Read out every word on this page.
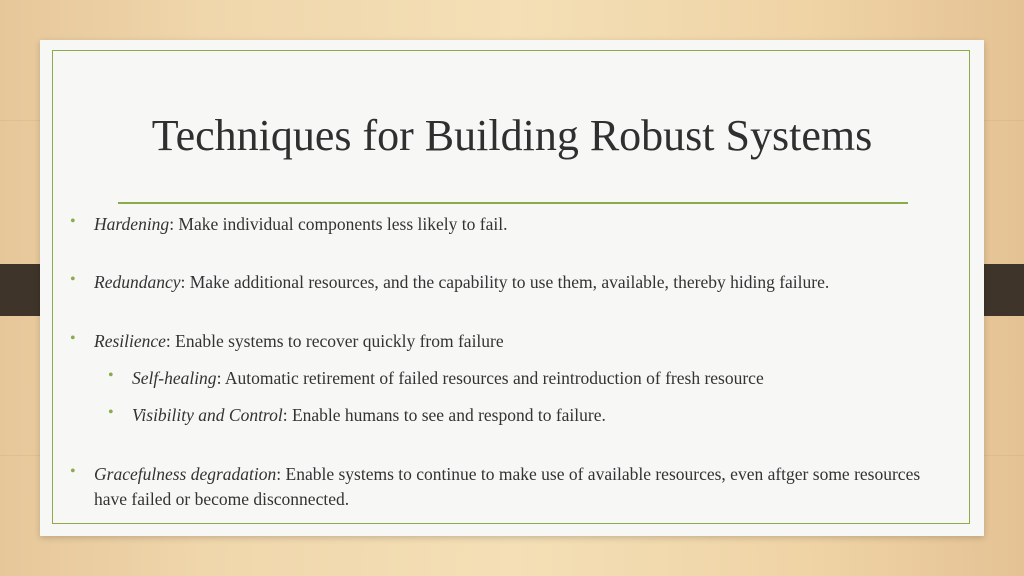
Techniques for Building Robust Systems
• Hardening: Make individual components less likely to fail.
• Redundancy: Make additional resources, and the capability to use them, available, thereby hiding failure.
• Resilience: Enable systems to recover quickly from failure
• Self-healing: Automatic retirement of failed resources and reintroduction of fresh resource
• Visibility and Control: Enable humans to see and respond to failure.
• Gracefulness degradation: Enable systems to continue to make use of available resources, even aftger some resources have failed or become disconnected.
